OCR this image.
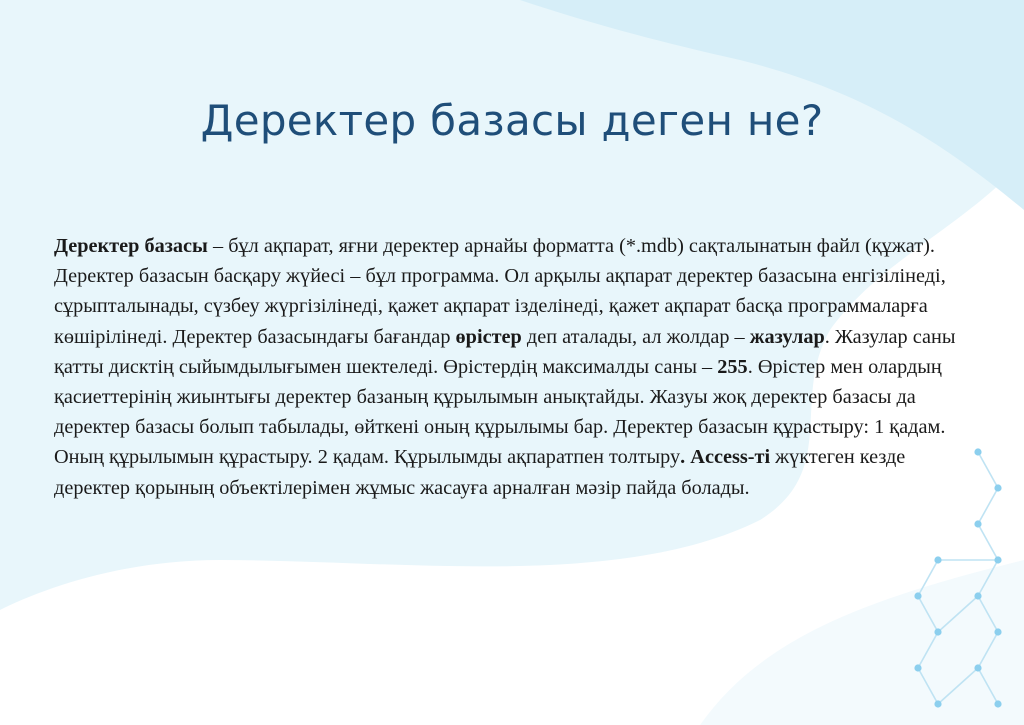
Деректер базасы деген не?

Деректер базасы – бұл ақпарат, яғни деректер арнайы форматта (*.mdb) сақталынатын файл (құжат). Деректер базасын басқару жүйесі – бұл программа. Ол арқылы ақпарат деректер базасына енгізілінеді, сұрыпталынады, сүзбеу жүргізілінеді, қажет ақпарат ізделінеді, қажет ақпарат басқа программаларға көшірілінеді. Деректер базасындағы бағандар өрістер деп аталады, ал жолдар – жазулар. Жазулар саны қатты дисктің сыйымдылығымен шектеледі. Өрістердің максималды саны – 255. Өрістер мен олардың қасиеттерінің жиынтығы деректер базаның құрылымын анықтайды. Жазуы жоқ деректер базасы да деректер базасы болып табылады, өйткені оның құрылымы бар. Деректер базасын құрастыру: 1 қадам. Оның құрылымын құрастыру. 2 қадам. Құрылымды ақпаратпен толтыру. Access-ті жүктеген кезде деректер қорының объектілерімен жұмыс жасауға арналған мәзір пайда болады.
